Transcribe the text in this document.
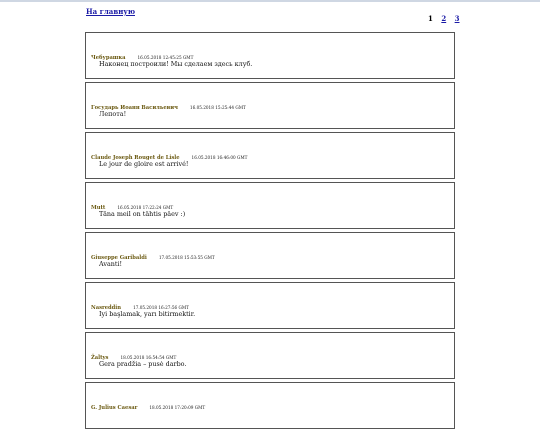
На главную
1 2 3
Чебурашка	16.05.2018 12:45:25 GMT
Наконец построили! Мы сделаем здесь клуб.
Государь Иоанн Васильевич	16.05.2018 15:25:44 GMT
Лепота!
Claude Joseph Rouget de Lisle	16.05.2018 16:46:00 GMT
Le jour de gloire est arrivé!
Mutt	16.05.2018 17:22:24 GMT
Täna meil on tähtis päev :)
Giuseppe Garibaldi	17.05.2018 15:53:55 GMT
Avanti!
Nasreddin	17.05.2018 16:27:56 GMT
Iyi başlamak, yarı bitirmektir.
Žaltys	18.05.2018 16:54:54 GMT
Gera pradžia – pusė darbo.
G. Julius Caesar	18.05.2018 17:20:09 GMT
